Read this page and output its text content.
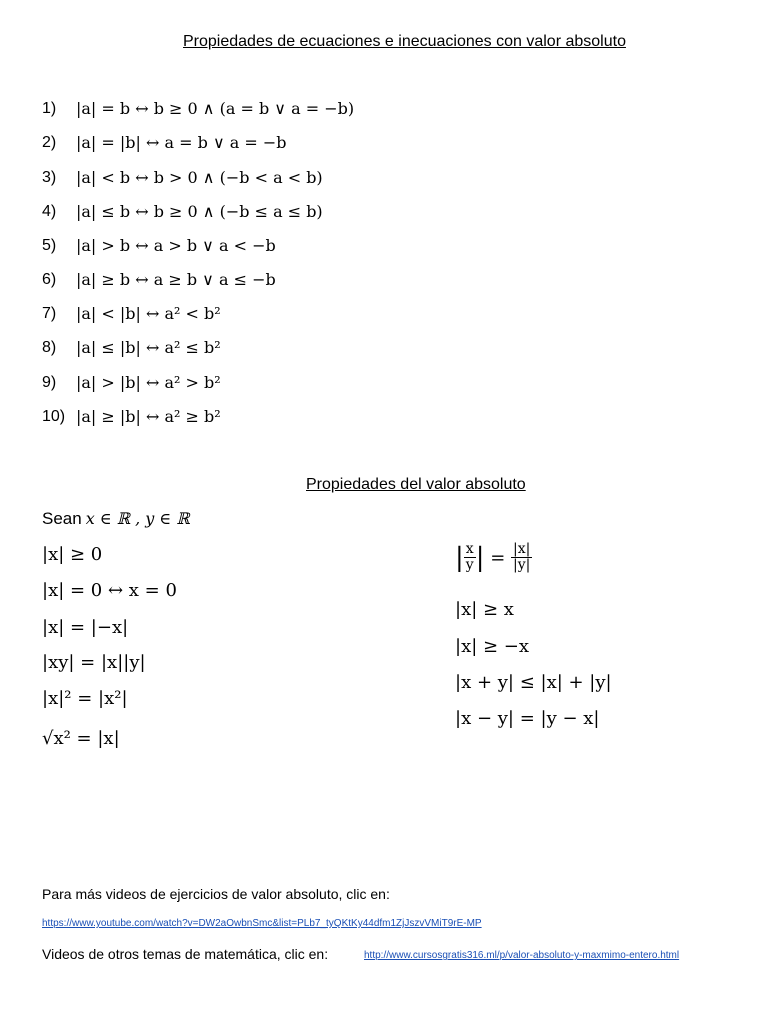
Propiedades de ecuaciones e inecuaciones con valor absoluto
1) |a| = b ↔ b ≥ 0 ∧ (a = b ∨ a = −b)
2) |a| = |b| ↔ a = b ∨ a = −b
3) |a| < b ↔ b > 0 ∧ (−b < a < b)
4) |a| ≤ b ↔ b ≥ 0 ∧ (−b ≤ a ≤ b)
5) |a| > b ↔ a > b ∨ a < −b
6) |a| ≥ b ↔ a ≥ b ∨ a ≤ −b
7) |a| < |b| ↔ a² < b²
8) |a| ≤ |b| ↔ a² ≤ b²
9) |a| > |b| ↔ a² > b²
10) |a| ≥ |b| ↔ a² ≥ b²
Propiedades del valor absoluto
Sean x ∈ ℝ , y ∈ ℝ
|x| ≥ 0
|x| = 0 ↔ x = 0
|x| = |−x|
|xy| = |x||y|
|x|² = |x²|
√x² = |x|
| $\frac{x}{y}$ | = $\frac{|x|}{|y|}$
|x| ≥ x
|x| ≥ −x
|x + y| ≤ |x| + |y|
|x − y| = |y − x|
Para más videos de ejercicios de valor absoluto, clic en:
https://www.youtube.com/watch?v=DW2aOwbnSmc&list=PLb7_tyQKtKy44dfm1ZjJszvVMiT9rE-MP
Videos de otros temas de matemática, clic en:	http://www.cursosgratis316.ml/p/valor-absoluto-y-maxmimo-entero.html
